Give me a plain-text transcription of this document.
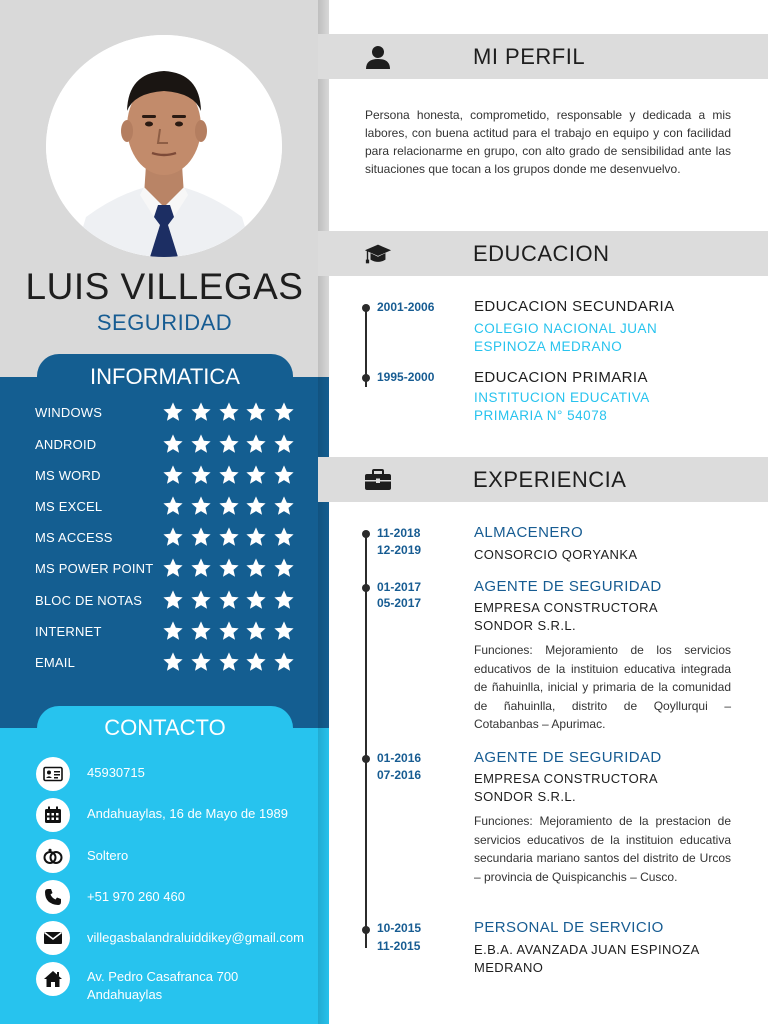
LUIS VILLEGAS
SEGURIDAD
INFORMATICA
WINDOWS
ANDROID
MS WORD
MS EXCEL
MS ACCESS
MS POWER POINT
BLOC DE NOTAS
INTERNET
EMAIL
CONTACTO
45930715
Andahuaylas, 16 de Mayo de 1989
Soltero
+51 970 260 460
villegasbalandraluiddikey@gmail.com
Av. Pedro Casafranca 700
Andahuaylas
MI PERFIL
Persona honesta, comprometido, responsable y dedicada a mis labores, con buena actitud para el trabajo en equipo y con facilidad para relacionarme en grupo, con alto grado de sensibilidad ante las situaciones que tocan a los grupos donde me desenvuelvo.
EDUCACION
2001-2006	EDUCACION SECUNDARIA
COLEGIO NACIONAL JUAN
ESPINOZA MEDRANO
1995-2000	EDUCACION PRIMARIA
INSTITUCION EDUCATIVA
PRIMARIA N° 54078
EXPERIENCIA
11-2018
12-2019
ALMACENERO
CONSORCIO QORYANKA
01-2017
05-2017
AGENTE DE SEGURIDAD
EMPRESA CONSTRUCTORA
SONDOR S.R.L.
Funciones: Mejoramiento de los servicios educativos de la instituion educativa integrada de ñahuinlla, inicial y primaria de la comunidad de ñahuinlla, distrito de Qoyllurqui – Cotabanbas – Apurimac.
01-2016
07-2016
AGENTE DE SEGURIDAD
EMPRESA CONSTRUCTORA
SONDOR S.R.L.
Funciones: Mejoramiento de la prestacion de servicios educativos de la instituion educativa secundaria mariano santos del distrito de Urcos – provincia de Quispicanchis – Cusco.
10-2015
11-2015
PERSONAL DE SERVICIO
E.B.A. AVANZADA JUAN ESPINOZA
MEDRANO
